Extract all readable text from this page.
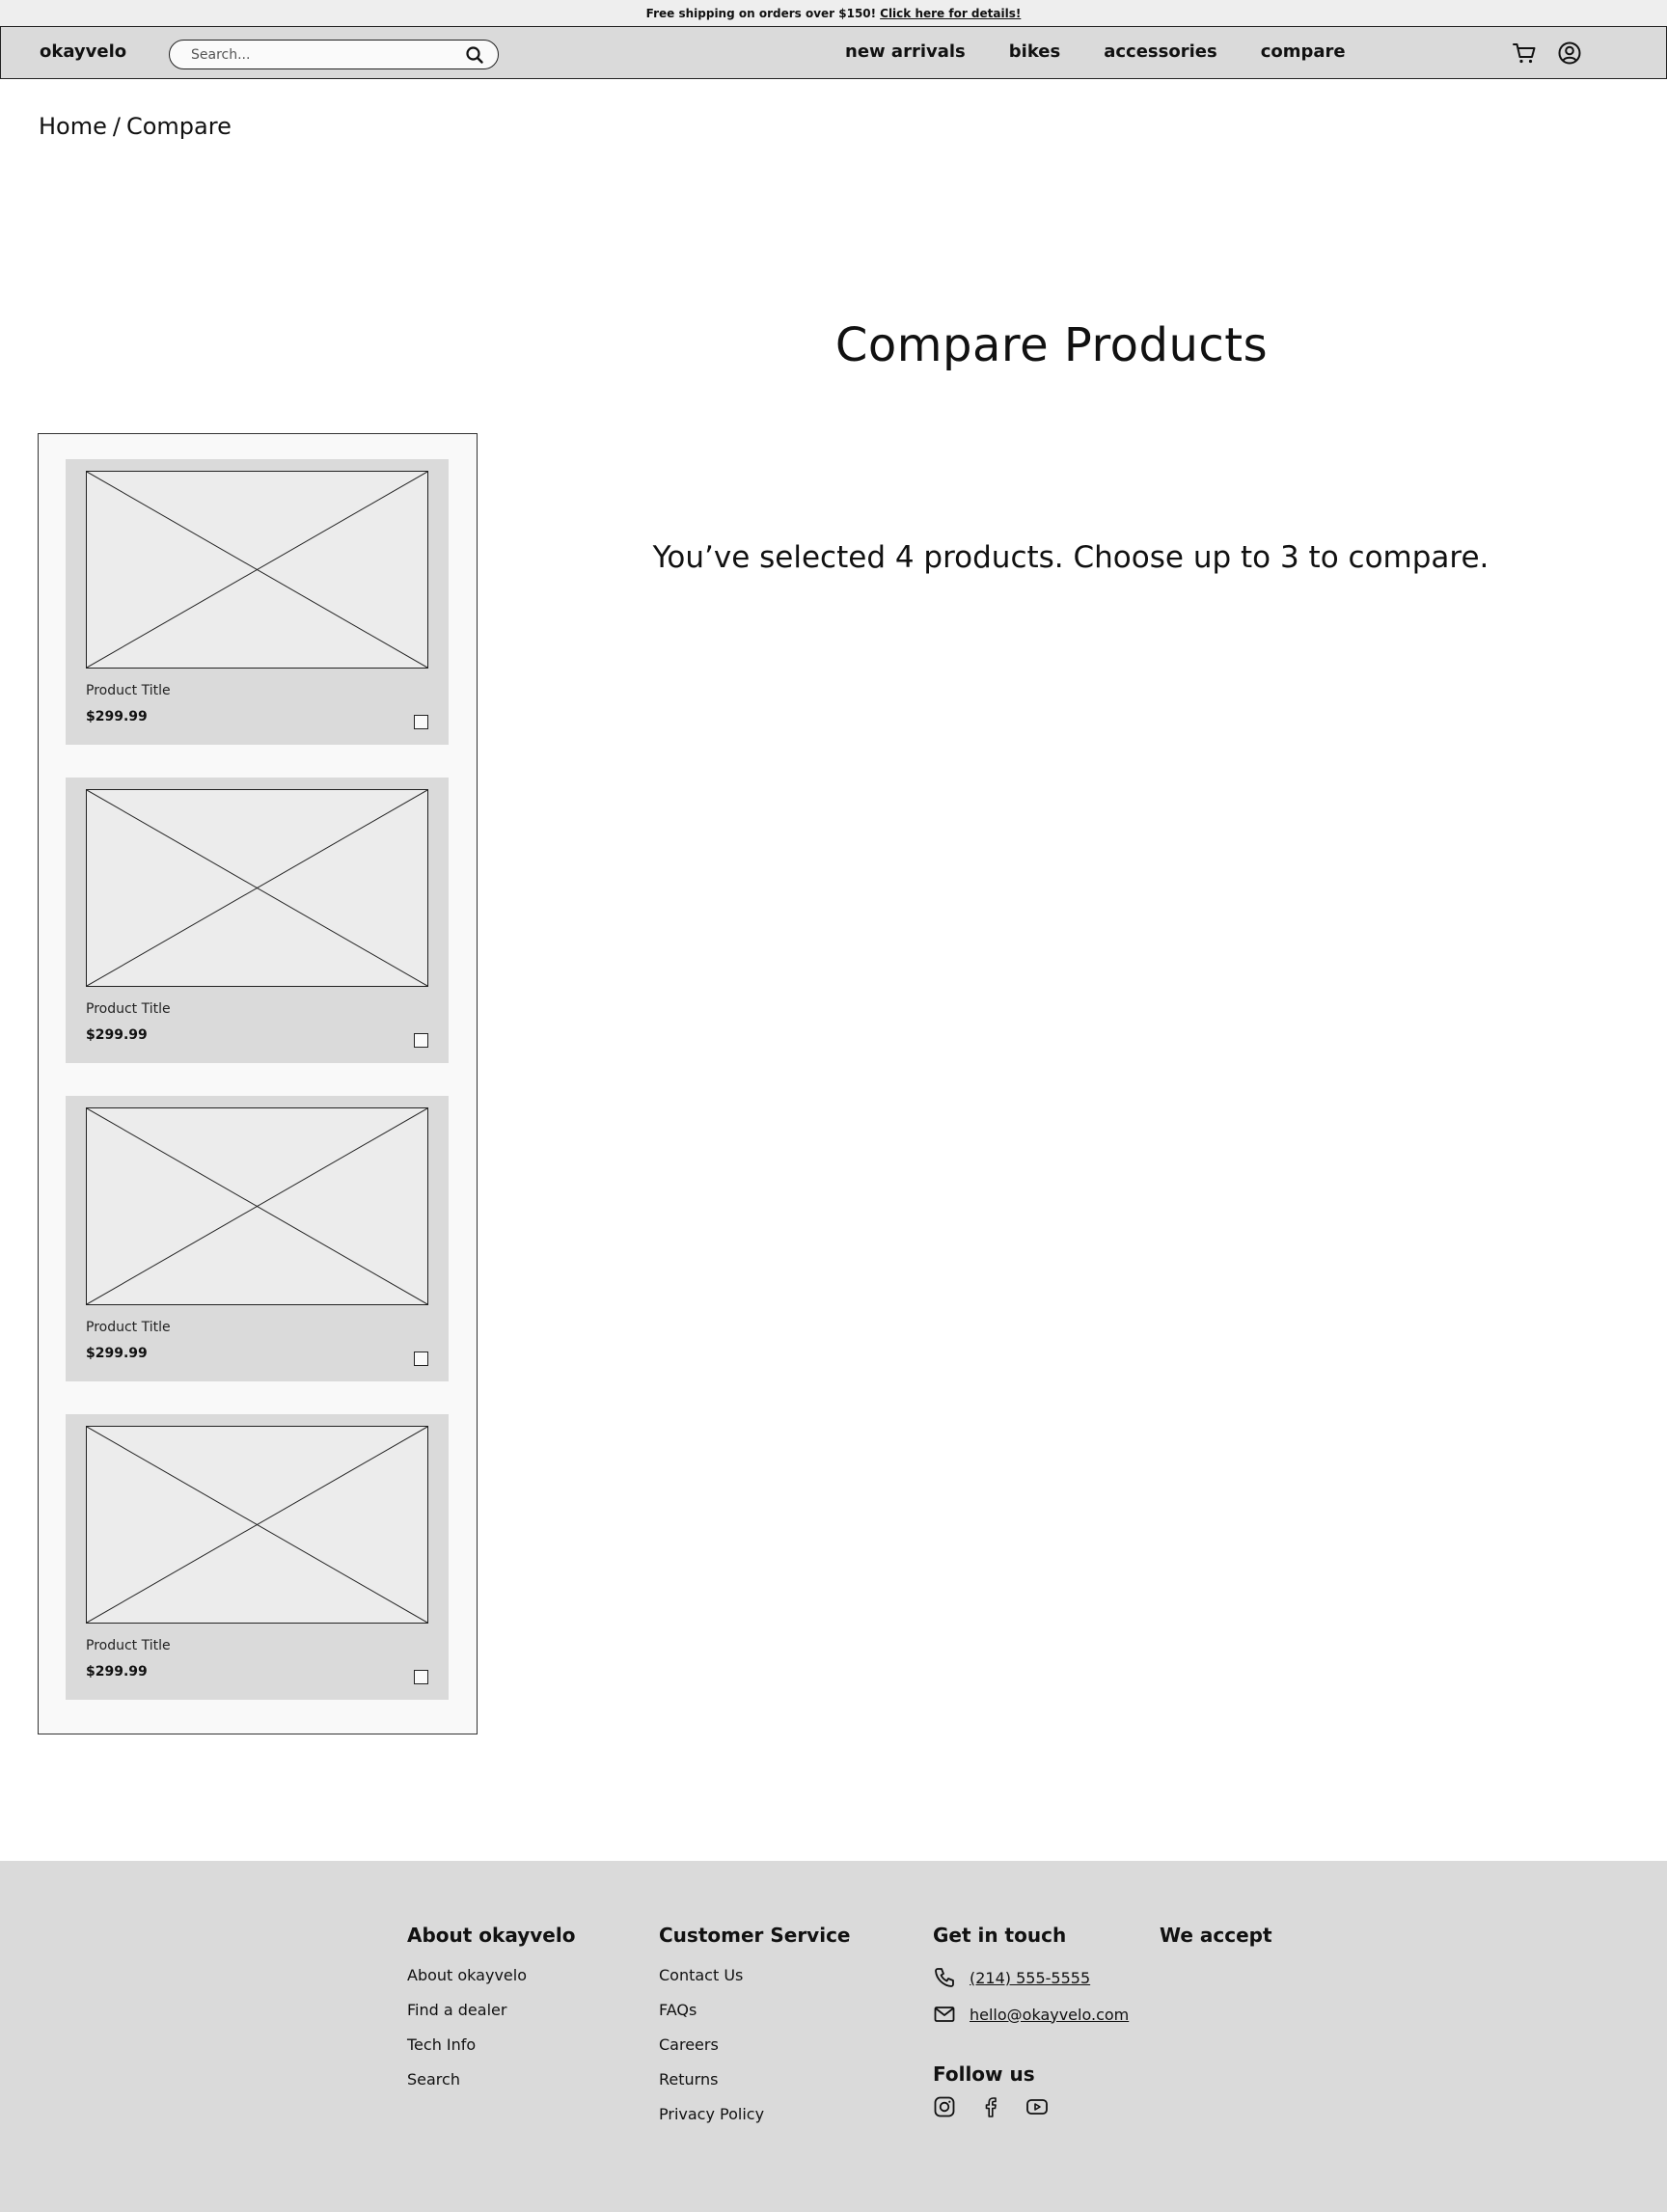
Free shipping on orders over $150! Click here for details!
okayvelo
Search...	new arrivals	bikes	accessories	compare
Home / Compare
Compare Products
Product Title
$299.99
Product Title
$299.99
Product Title
$299.99
Product Title
$299.99

You’ve selected 4 products. Choose up to 3 to compare.

About okayvelo
About okayvelo
Find a dealer
Tech Info
Search
Customer Service
Contact Us
FAQs
Careers
Returns
Privacy Policy
Get in touch
(214) 555-5555
hello@okayvelo.com
Follow us
We accept
